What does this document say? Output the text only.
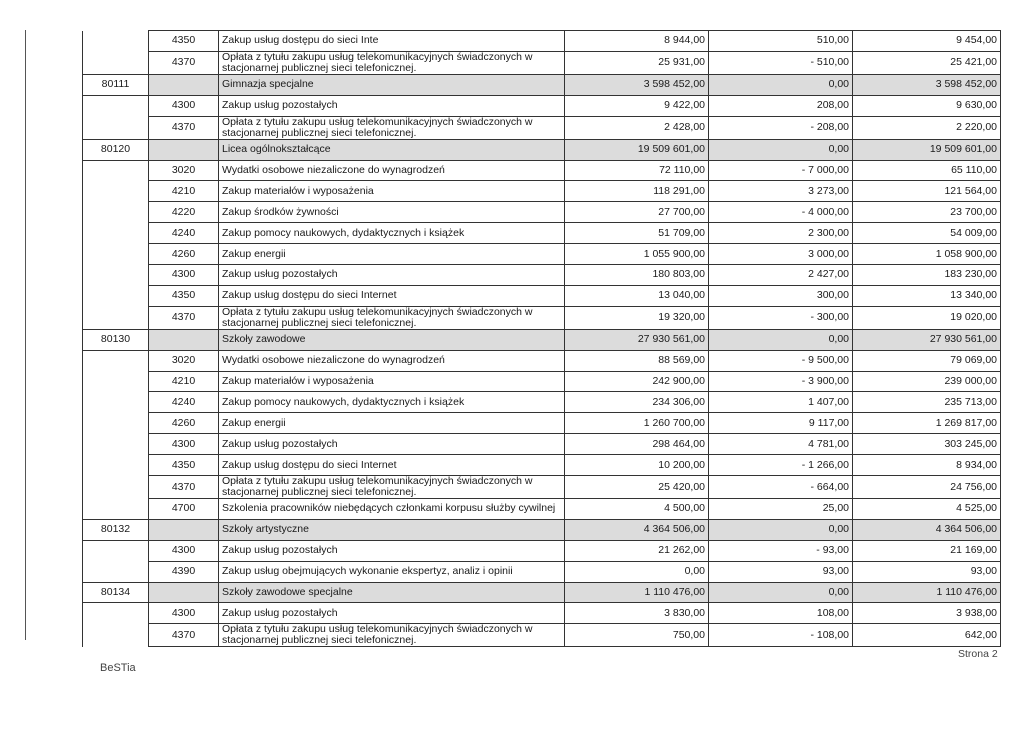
	4350	Zakup usług dostępu do sieci Inte	8 944,00	510,00	9 454,00
	4370	Opłata z tytułu zakupu usług telekomunikacyjnych świadczonych w stacjonarnej publicznej sieci telefonicznej.	25 931,00	- 510,00	25 421,00
80111		Gimnazja specjalne	3 598 452,00	0,00	3 598 452,00
	4300	Zakup usług pozostałych	9 422,00	208,00	9 630,00
	4370	Opłata z tytułu zakupu usług telekomunikacyjnych świadczonych w stacjonarnej publicznej sieci telefonicznej.	2 428,00	- 208,00	2 220,00
80120		Licea ogólnokształcące	19 509 601,00	0,00	19 509 601,00
	3020	Wydatki osobowe niezaliczone do wynagrodzeń	72 110,00	- 7 000,00	65 110,00
	4210	Zakup materiałów i wyposażenia	118 291,00	3 273,00	121 564,00
	4220	Zakup środków żywności	27 700,00	- 4 000,00	23 700,00
	4240	Zakup pomocy naukowych, dydaktycznych i książek	51 709,00	2 300,00	54 009,00
	4260	Zakup energii	1 055 900,00	3 000,00	1 058 900,00
	4300	Zakup usług pozostałych	180 803,00	2 427,00	183 230,00
	4350	Zakup usług dostępu do sieci Internet	13 040,00	300,00	13 340,00
	4370	Opłata z tytułu zakupu usług telekomunikacyjnych świadczonych w stacjonarnej publicznej sieci telefonicznej.	19 320,00	- 300,00	19 020,00
80130		Szkoły zawodowe	27 930 561,00	0,00	27 930 561,00
	3020	Wydatki osobowe niezaliczone do wynagrodzeń	88 569,00	- 9 500,00	79 069,00
	4210	Zakup materiałów i wyposażenia	242 900,00	- 3 900,00	239 000,00
	4240	Zakup pomocy naukowych, dydaktycznych i książek	234 306,00	1 407,00	235 713,00
	4260	Zakup energii	1 260 700,00	9 117,00	1 269 817,00
	4300	Zakup usług pozostałych	298 464,00	4 781,00	303 245,00
	4350	Zakup usług dostępu do sieci Internet	10 200,00	- 1 266,00	8 934,00
	4370	Opłata z tytułu zakupu usług telekomunikacyjnych świadczonych w stacjonarnej publicznej sieci telefonicznej.	25 420,00	- 664,00	24 756,00
	4700	Szkolenia pracowników niebędących członkami korpusu służby cywilnej	4 500,00	25,00	4 525,00
80132		Szkoły artystyczne	4 364 506,00	0,00	4 364 506,00
	4300	Zakup usług pozostałych	21 262,00	- 93,00	21 169,00
	4390	Zakup usług obejmujących wykonanie ekspertyz, analiz i opinii	0,00	93,00	93,00
80134		Szkoły zawodowe specjalne	1 110 476,00	0,00	1 110 476,00
	4300	Zakup usług pozostałych	3 830,00	108,00	3 938,00
	4370	Opłata z tytułu zakupu usług telekomunikacyjnych świadczonych w stacjonarnej publicznej sieci telefonicznej.	750,00	- 108,00	642,00
BeSTia
Strona 2
